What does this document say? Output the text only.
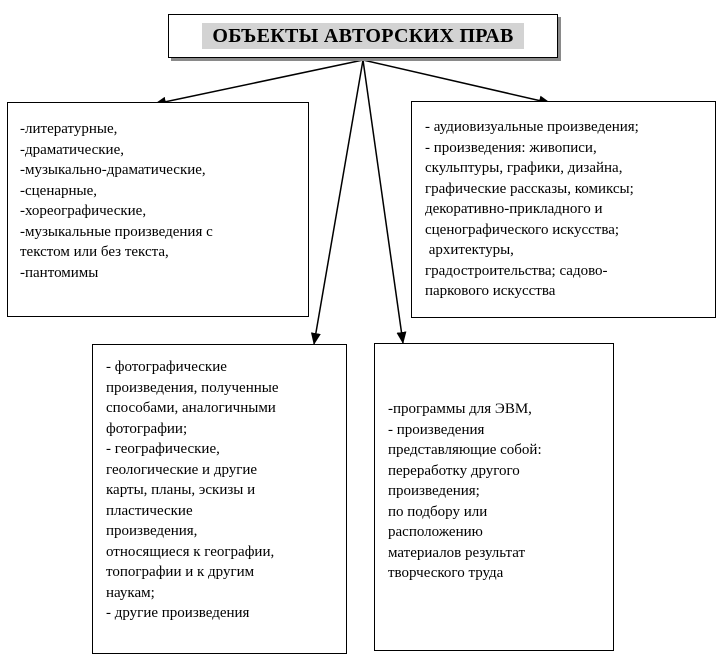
ОБЪЕКТЫ АВТОРСКИХ ПРАВ
-литературные,
-драматические,
-музыкально-драматические,
-сценарные,
-хореографические,
-музыкальные произведения с
текстом или без текста,
-пантомимы
- аудиовизуальные произведения;
- произведения: живописи,
скульптуры, графики, дизайна,
графические рассказы, комиксы;
декоративно-прикладного и
сценографического искусства;
архитектуры,
градостроительства; садово-
паркового искусства
- фотографические
произведения, полученные
способами, аналогичными
фотографии;
- географические,
геологические и другие
карты, планы, эскизы и
пластические
произведения,
относящиеся к географии,
топографии и к другим
наукам;
- другие произведения
-программы для ЭВМ,
- произведения
представляющие собой:
переработку другого
произведения;
по подбору или
расположению
материалов результат
творческого труда
